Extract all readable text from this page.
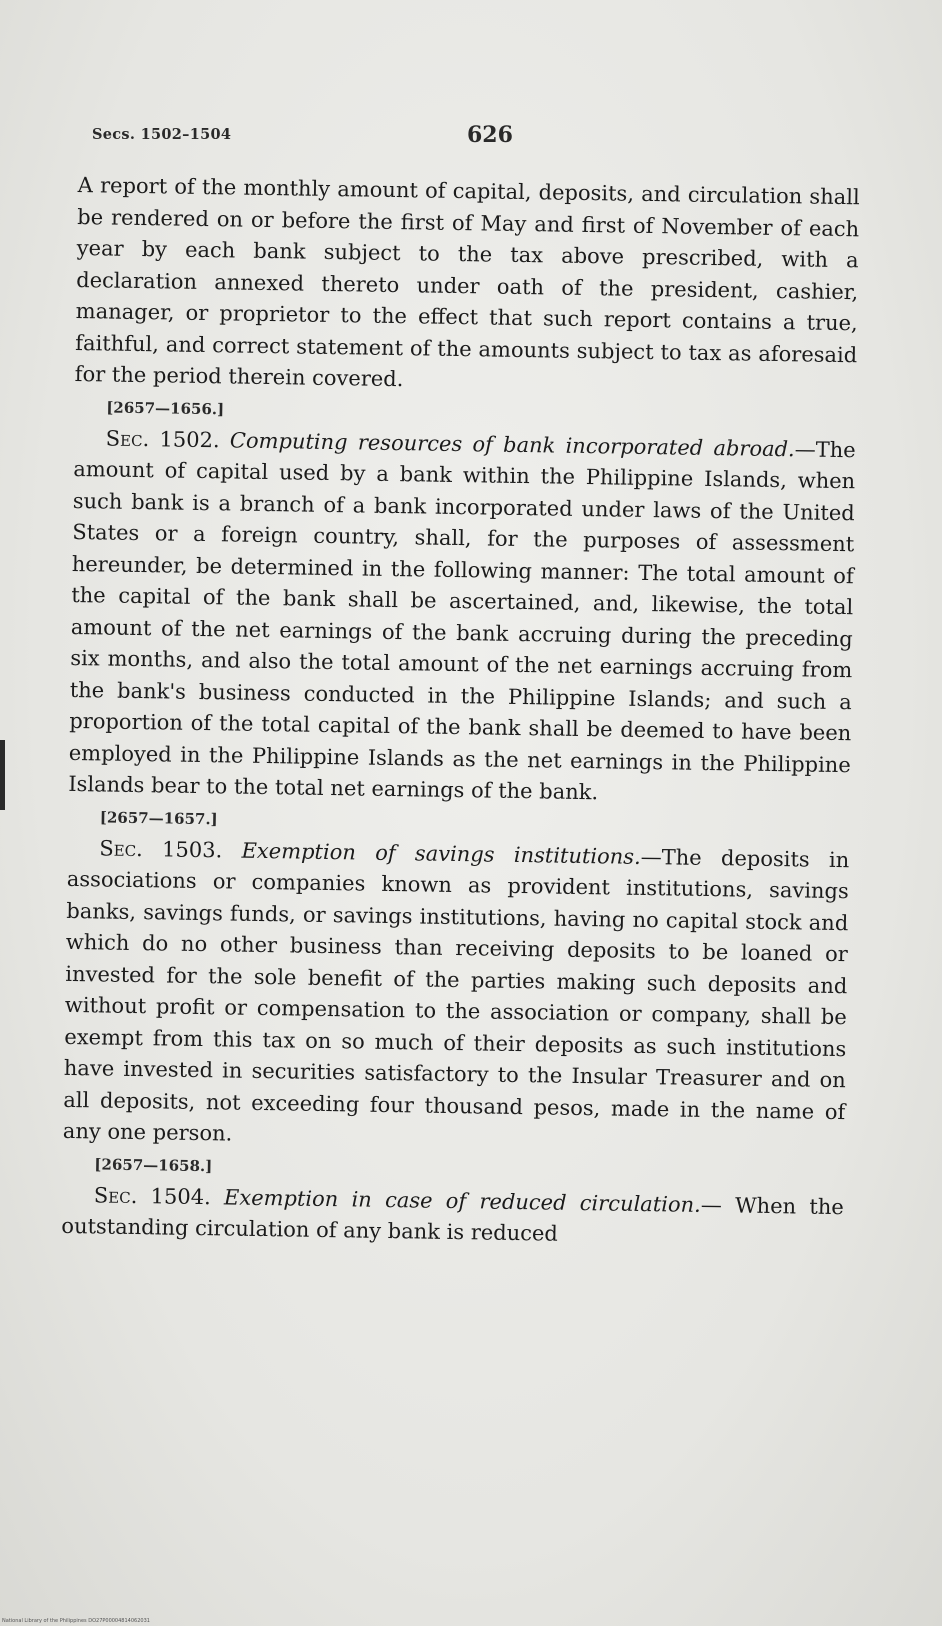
Secs. 1502–1504	626

A report of the monthly amount of capital, deposits, and circulation shall be rendered on or before the first of May and first of November of each year by each bank subject to the tax above prescribed, with a declaration annexed thereto under oath of the president, cashier, manager, or proprietor to the effect that such report contains a true, faithful, and correct statement of the amounts subject to tax as aforesaid for the period therein covered.

[2657—1656.]

Sec. 1502. Computing resources of bank incorporated abroad.—The amount of capital used by a bank within the Philippine Islands, when such bank is a branch of a bank incorporated under laws of the United States or a foreign country, shall, for the purposes of assessment hereunder, be determined in the following manner: The total amount of the capital of the bank shall be ascertained, and, likewise, the total amount of the net earnings of the bank accruing during the preceding six months, and also the total amount of the net earnings accruing from the bank's business conducted in the Philippine Islands; and such a proportion of the total capital of the bank shall be deemed to have been employed in the Philippine Islands as the net earnings in the Philippine Islands bear to the total net earnings of the bank.

[2657—1657.]

Sec. 1503. Exemption of savings institutions.—The deposits in associations or companies known as provident institutions, savings banks, savings funds, or savings institutions, having no capital stock and which do no other business than receiving deposits to be loaned or invested for the sole benefit of the parties making such deposits and without profit or compensation to the association or company, shall be exempt from this tax on so much of their deposits as such institutions have invested in securities satisfactory to the Insular Treasurer and on all deposits, not exceeding four thousand pesos, made in the name of any one person.

[2657—1658.]

Sec. 1504. Exemption in case of reduced circulation.— When the outstanding circulation of any bank is reduced

National Library of the Philippines DO27P00004814062031
